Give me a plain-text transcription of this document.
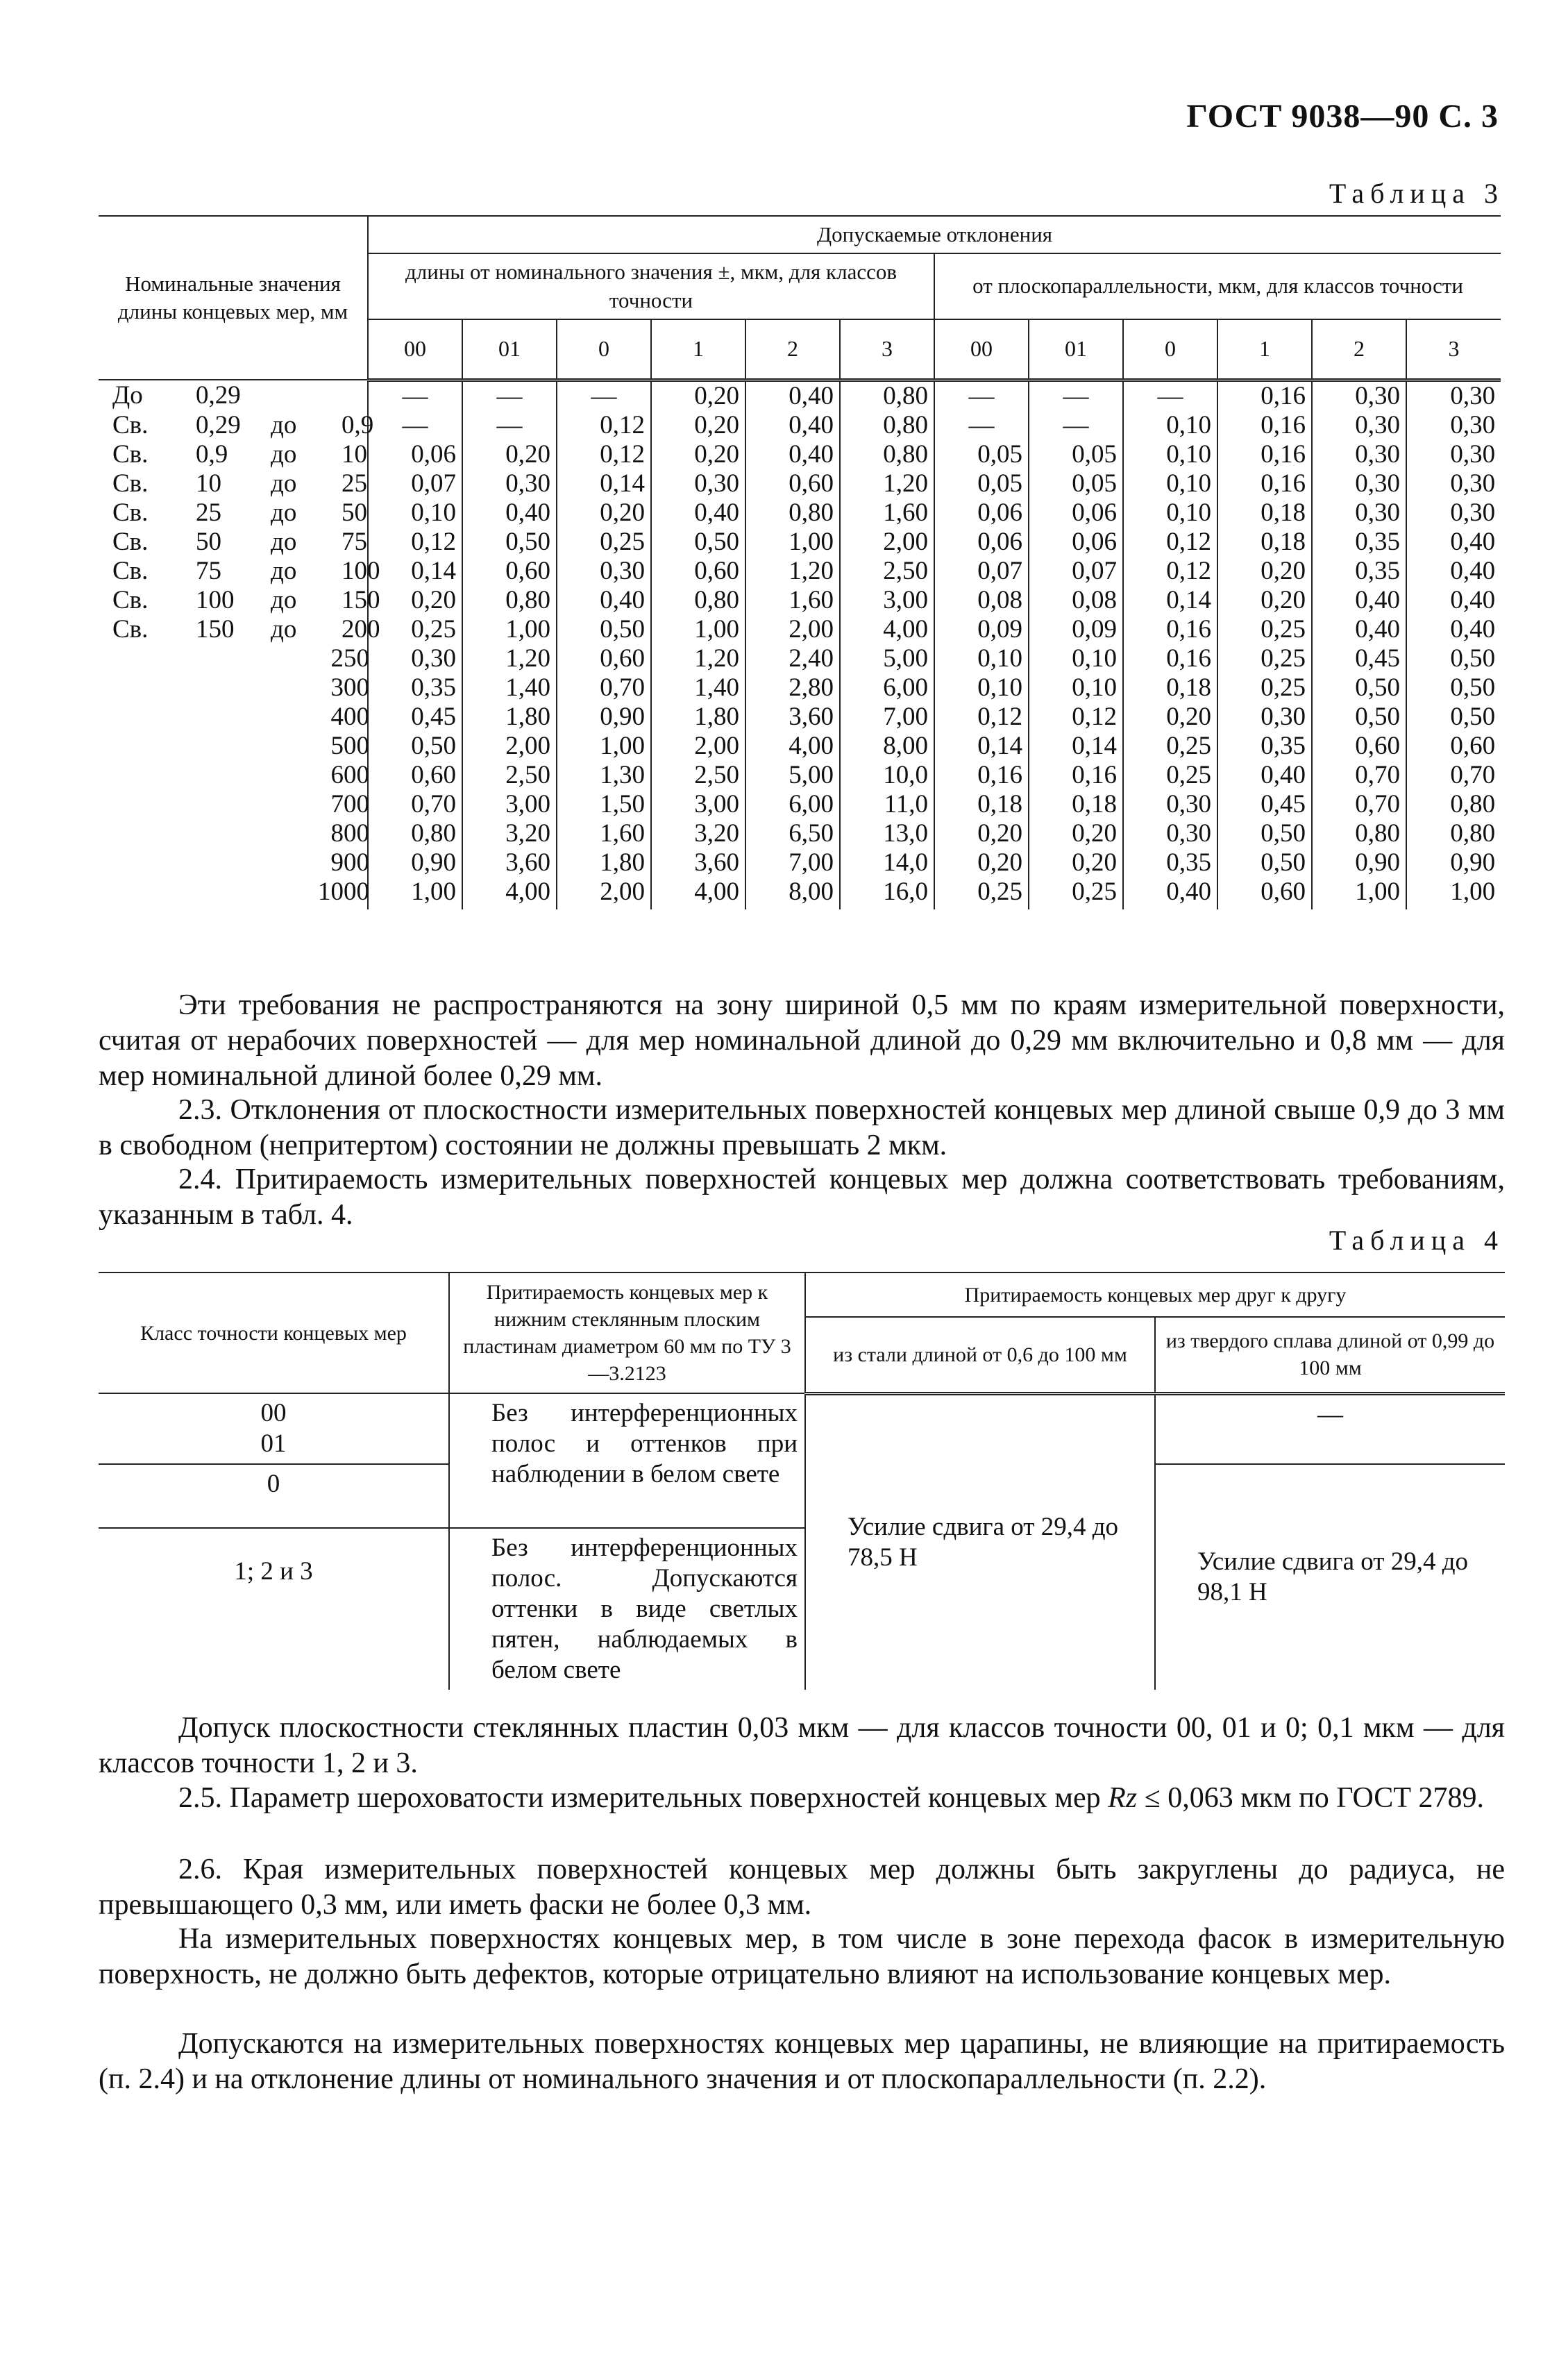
ГОСТ 9038—90 С. 3
Таблица 3
Номинальные значения длины концевых мер, мм	Допускаемые отклонения											
	длины от номинального значения ±, мкм, для классов точности						от плоскопараллельности, мкм, для классов точности					
	00	01	0	1	2	3	00	01	0	1	2	3
До 0,29	—	—	—	0,20	0,40	0,80	—	—	—	0,16	0,30	0,30
Св. 0,29 до 0,9	—	—	0,12	0,20	0,40	0,80	—	—	0,10	0,16	0,30	0,30
Св. 0,9 до 10	0,06	0,20	0,12	0,20	0,40	0,80	0,05	0,05	0,10	0,16	0,30	0,30
Св. 10 до 25	0,07	0,30	0,14	0,30	0,60	1,20	0,05	0,05	0,10	0,16	0,30	0,30
Св. 25 до 50	0,10	0,40	0,20	0,40	0,80	1,60	0,06	0,06	0,10	0,18	0,30	0,30
Св. 50 до 75	0,12	0,50	0,25	0,50	1,00	2,00	0,06	0,06	0,12	0,18	0,35	0,40
Св. 75 до 100	0,14	0,60	0,30	0,60	1,20	2,50	0,07	0,07	0,12	0,20	0,35	0,40
Св. 100 до 150	0,20	0,80	0,40	0,80	1,60	3,00	0,08	0,08	0,14	0,20	0,40	0,40
Св. 150 до 200	0,25	1,00	0,50	1,00	2,00	4,00	0,09	0,09	0,16	0,25	0,40	0,40
250	0,30	1,20	0,60	1,20	2,40	5,00	0,10	0,10	0,16	0,25	0,45	0,50
300	0,35	1,40	0,70	1,40	2,80	6,00	0,10	0,10	0,18	0,25	0,50	0,50
400	0,45	1,80	0,90	1,80	3,60	7,00	0,12	0,12	0,20	0,30	0,50	0,50
500	0,50	2,00	1,00	2,00	4,00	8,00	0,14	0,14	0,25	0,35	0,60	0,60
600	0,60	2,50	1,30	2,50	5,00	10,0	0,16	0,16	0,25	0,40	0,70	0,70
700	0,70	3,00	1,50	3,00	6,00	11,0	0,18	0,18	0,30	0,45	0,70	0,80
800	0,80	3,20	1,60	3,20	6,50	13,0	0,20	0,20	0,30	0,50	0,80	0,80
900	0,90	3,60	1,80	3,60	7,00	14,0	0,20	0,20	0,35	0,50	0,90	0,90
1000	1,00	4,00	2,00	4,00	8,00	16,0	0,25	0,25	0,40	0,60	1,00	1,00
Эти требования не распространяются на зону шириной 0,5 мм по краям измерительной поверхности, считая от нерабочих поверхностей — для мер номинальной длиной до 0,29 мм включительно и 0,8 мм — для мер номинальной длиной более 0,29 мм.
2.3. Отклонения от плоскостности измерительных поверхностей концевых мер длиной свыше 0,9 до 3 мм в свободном (непритертом) состоянии не должны превышать 2 мкм.
2.4. Притираемость измерительных поверхностей концевых мер должна соответствовать требованиям, указанным в табл. 4.
Таблица 4
Класс точности концевых мер	Притираемость концевых мер к нижним стеклянным плоским пластинам диаметром 60 мм по ТУ 3—3.2123	Притираемость концевых мер друг к другу	
		из стали длиной от 0,6 до 100 мм	из твердого сплава длиной от 0,99 до 100 мм

00
01	Без интерференционных полос и оттенков при наблюдении в белом свете	Усилие сдвига от 29,4 до 78,5 Н	—

0			Усилие сдвига от 29,4 до 98,1 Н

1; 2 и 3	Без интерференционных полос. Допускаются оттенки в виде светлых пятен, наблюдаемых в белом свете		
Допуск плоскостности стеклянных пластин 0,03 мкм — для классов точности 00, 01 и 0; 0,1 мкм — для классов точности 1, 2 и 3.
2.5. Параметр шероховатости измерительных поверхностей концевых мер Rz ≤ 0,063 мкм по ГОСТ 2789.
2.6. Края измерительных поверхностей концевых мер должны быть закруглены до радиуса, не превышающего 0,3 мм, или иметь фаски не более 0,3 мм.
На измерительных поверхностях концевых мер, в том числе в зоне перехода фасок в измерительную поверхность, не должно быть дефектов, которые отрицательно влияют на использование концевых мер.
Допускаются на измерительных поверхностях концевых мер царапины, не влияющие на притираемость (п. 2.4) и на отклонение длины от номинального значения и от плоскопараллельности (п. 2.2).
